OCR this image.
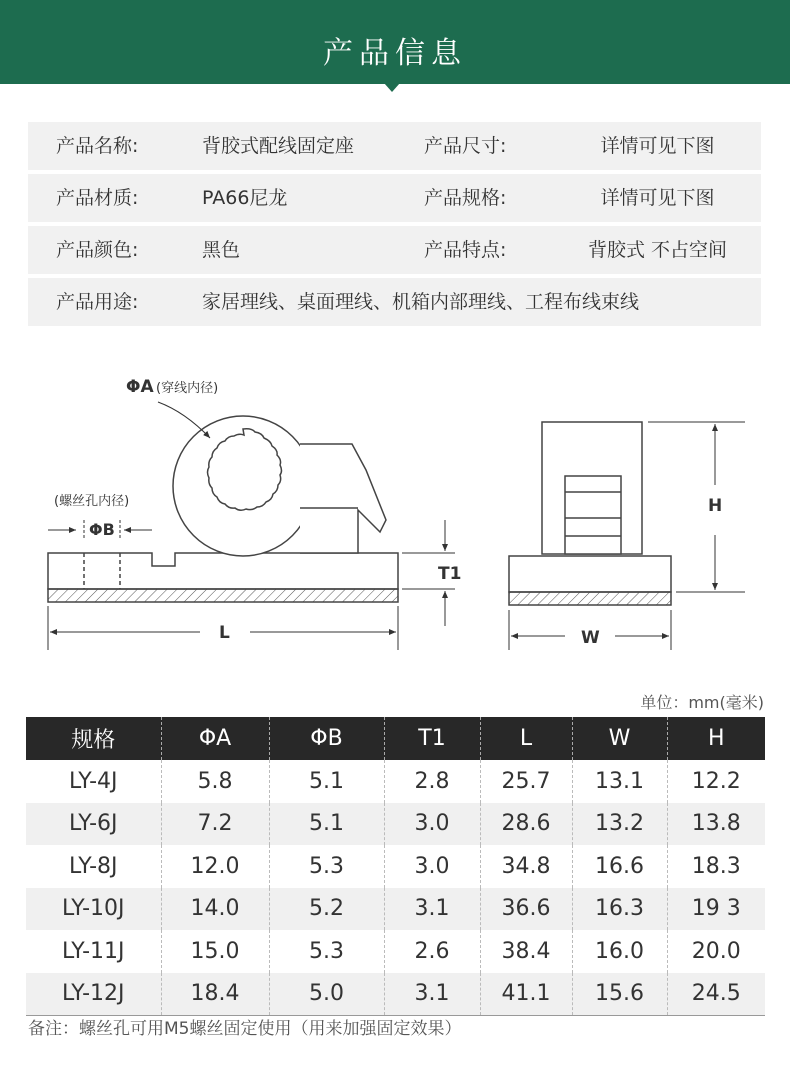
产品信息
产品名称:	背胶式配线固定座	产品尺寸:	详情可见下图
产品材质:	PA66尼龙	产品规格:	详情可见下图
产品颜色:	黑色	产品特点:	背胶式 不占空间
产品用途:	家居理线、桌面理线、机箱内部理线、工程布线束线
ΦA (穿线内径)
(螺丝孔内径)
ΦB
T1
L
H
W
单位：mm(毫米)
规格	ΦA	ΦB	T1	L	W	H
LY-4J	5.8	5.1	2.8	25.7	13.1	12.2
LY-6J	7.2	5.1	3.0	28.6	13.2	13.8
LY-8J	12.0	5.3	3.0	34.8	16.6	18.3
LY-10J	14.0	5.2	3.1	36.6	16.3	19 3
LY-11J	15.0	5.3	2.6	38.4	16.0	20.0
LY-12J	18.4	5.0	3.1	41.1	15.6	24.5
备注：螺丝孔可用M5螺丝固定使用（用来加强固定效果）
